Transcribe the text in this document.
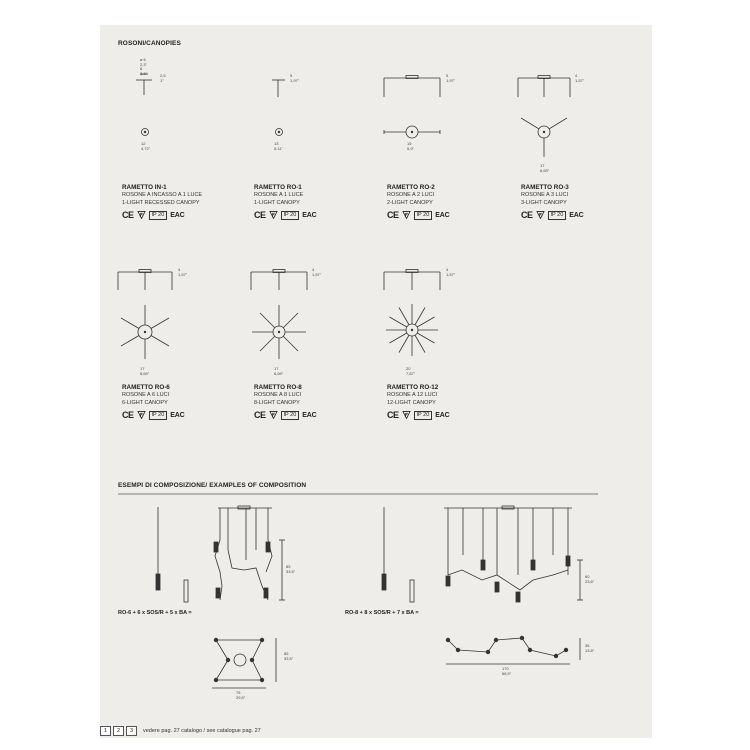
ROSONI/CANOPIES
⌀ 6
2,3"
8
3,1"	2,5
1"
12
4,72"
5
1,97"
13
5,11"
5
1,97"
15
5,9"
4
1,57"
17
6,69"
4
1,57"
17
6,69"
4
1,57"
17
6,69"
4
1,57"
20
7,87"
85
33,5"
85
33,5"
75
29,5"
60
23,6"
35
13,8"
170
66,9"
RAMETTO IN-1
ROSONE A INCASSO A 1 LUCE
1-LIGHT RECESSED CANOPY
CE	IP 20 EAC
RAMETTO RO-1
ROSONE A 1 LUCE
1-LIGHT CANOPY
CE	IP 20 EAC
RAMETTO RO-2
ROSONE A 2 LUCI
2-LIGHT CANOPY
CE	IP 20 EAC
RAMETTO RO-3
ROSONE A 3 LUCI
3-LIGHT CANOPY
CE	IP 20 EAC
RAMETTO RO-6
ROSONE A 6 LUCI
6-LIGHT CANOPY
CE	IP 20 EAC
RAMETTO RO-8
ROSONE A 8 LUCI
8-LIGHT CANOPY
CE	IP 20 EAC
RAMETTO RO-12
ROSONE A 12 LUCI
12-LIGHT CANOPY
CE	IP 20 EAC
ESEMPI DI COMPOSIZIONE/ EXAMPLES OF COMPOSITION
RO-6 + 6 x SOS/R + 5 x BA =	RO-8 + 8 x SOS/R + 7 x BA =
1	2	3	vedere pag. 27 catalogo / see catalogue pag. 27
